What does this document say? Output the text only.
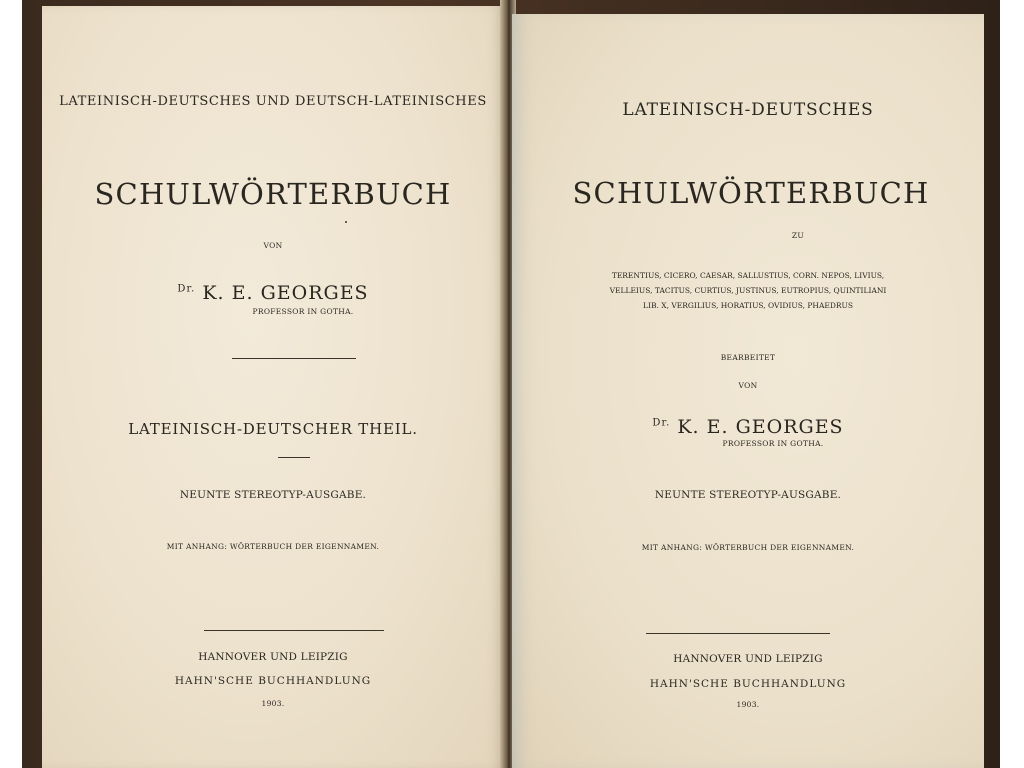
LATEINISCH-DEUTSCHES UND DEUTSCH-LATEINISCHES
SCHULWÖRTERBUCH
VON
$^{Dr.}$ K. E. GEORGES
PROFESSOR IN GOTHA.
LATEINISCH-DEUTSCHER THEIL.
NEUNTE STEREOTYP-AUSGABE.
MIT ANHANG: WÖRTERBUCH DER EIGENNAMEN.
HANNOVER UND LEIPZIG
HAHN'SCHE BUCHHANDLUNG
1903.
LATEINISCH-DEUTSCHES
SCHULWÖRTERBUCH
ZU
TERENTIUS, CICERO, CAESAR, SALLUSTIUS, CORN. NEPOS, LIVIUS,
VELLEIUS, TACITUS, CURTIUS, JUSTINUS, EUTROPIUS, QUINTILIANI
LIB. X, VERGILIUS, HORATIUS, OVIDIUS, PHAEDRUS
BEARBEITET
VON
$^{Dr.}$ K. E. GEORGES
PROFESSOR IN GOTHA.
NEUNTE STEREOTYP-AUSGABE.
MIT ANHANG: WÖRTERBUCH DER EIGENNAMEN.
HANNOVER UND LEIPZIG
HAHN'SCHE BUCHHANDLUNG
1903.
